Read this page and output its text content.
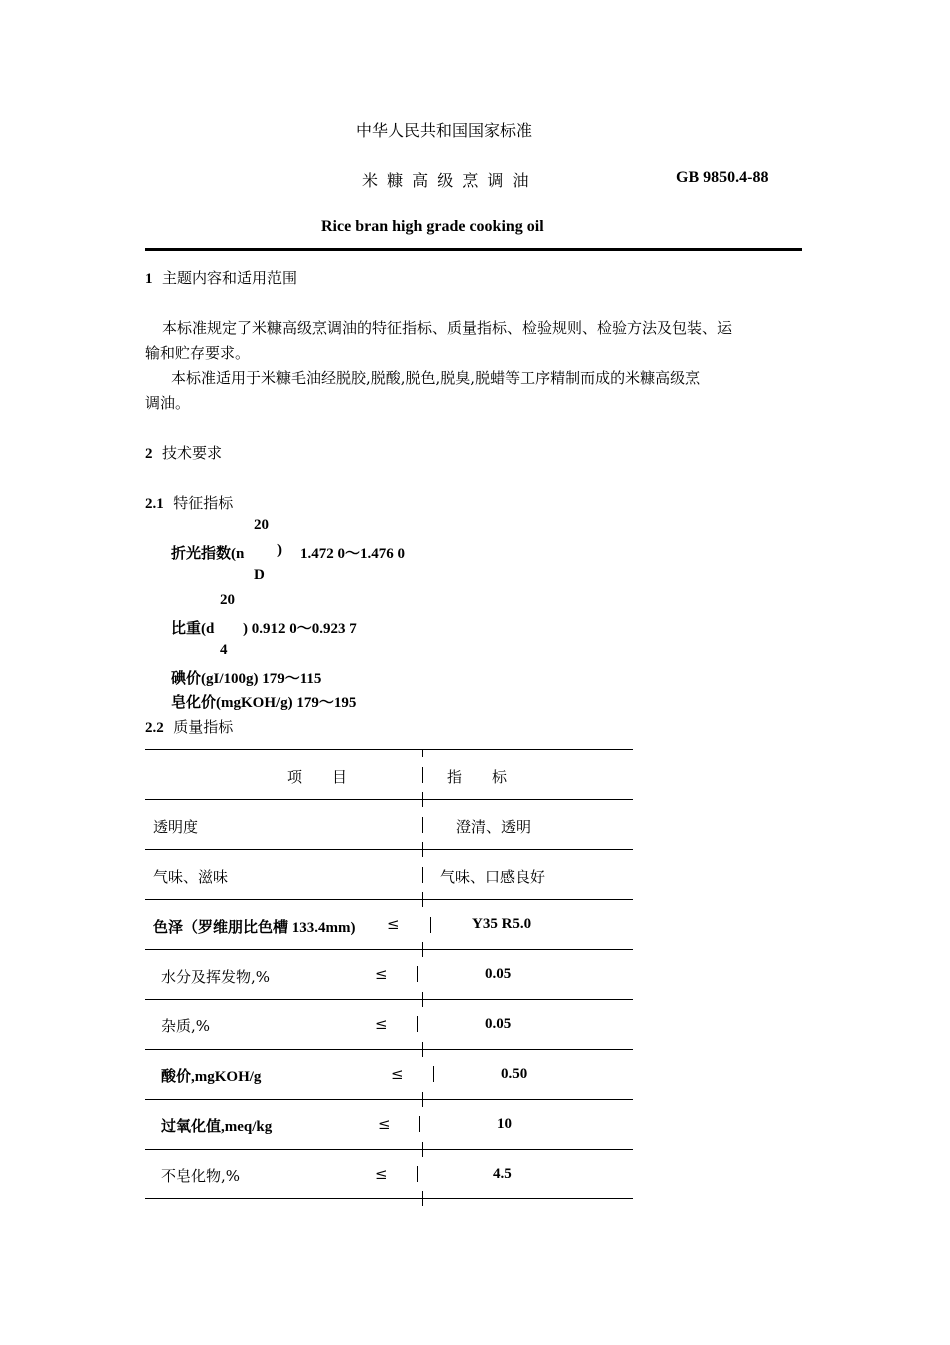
中华人民共和国国家标准
米 糠 高 级 烹 调 油	GB 9850.4-88
Rice bran high grade cooking oil
1 主题内容和适用范围
本标准规定了米糠高级烹调油的特征指标、质量指标、检验规则、检验方法及包装、运
输和贮存要求。
本标准适用于米糠毛油经脱胶,脱酸,脱色,脱臭,脱蜡等工序精制而成的米糠高级烹
调油。
2 技术要求
2.1 特征指标
20
折光指数(n ) 1.472 0～1.476 0
D
20
比重(d ) 0.912 0～0.923 7
4
碘价(gI/100g) 179～115
皂化价(mgKOH/g) 179～195
2.2 质量指标
项　　目	指　　标
透明度	澄清、透明
气味、滋味	气味、口感良好
色泽（罗维朋比色槽 133.4mm) ≤	Y35 R5.0
水分及挥发物,%	≤	0.05
杂质,%	≤	0.05
酸价,mgKOH/g	≤	0.50
过氧化值,meq/kg	≤	10
不皂化物,%	≤	4.5
